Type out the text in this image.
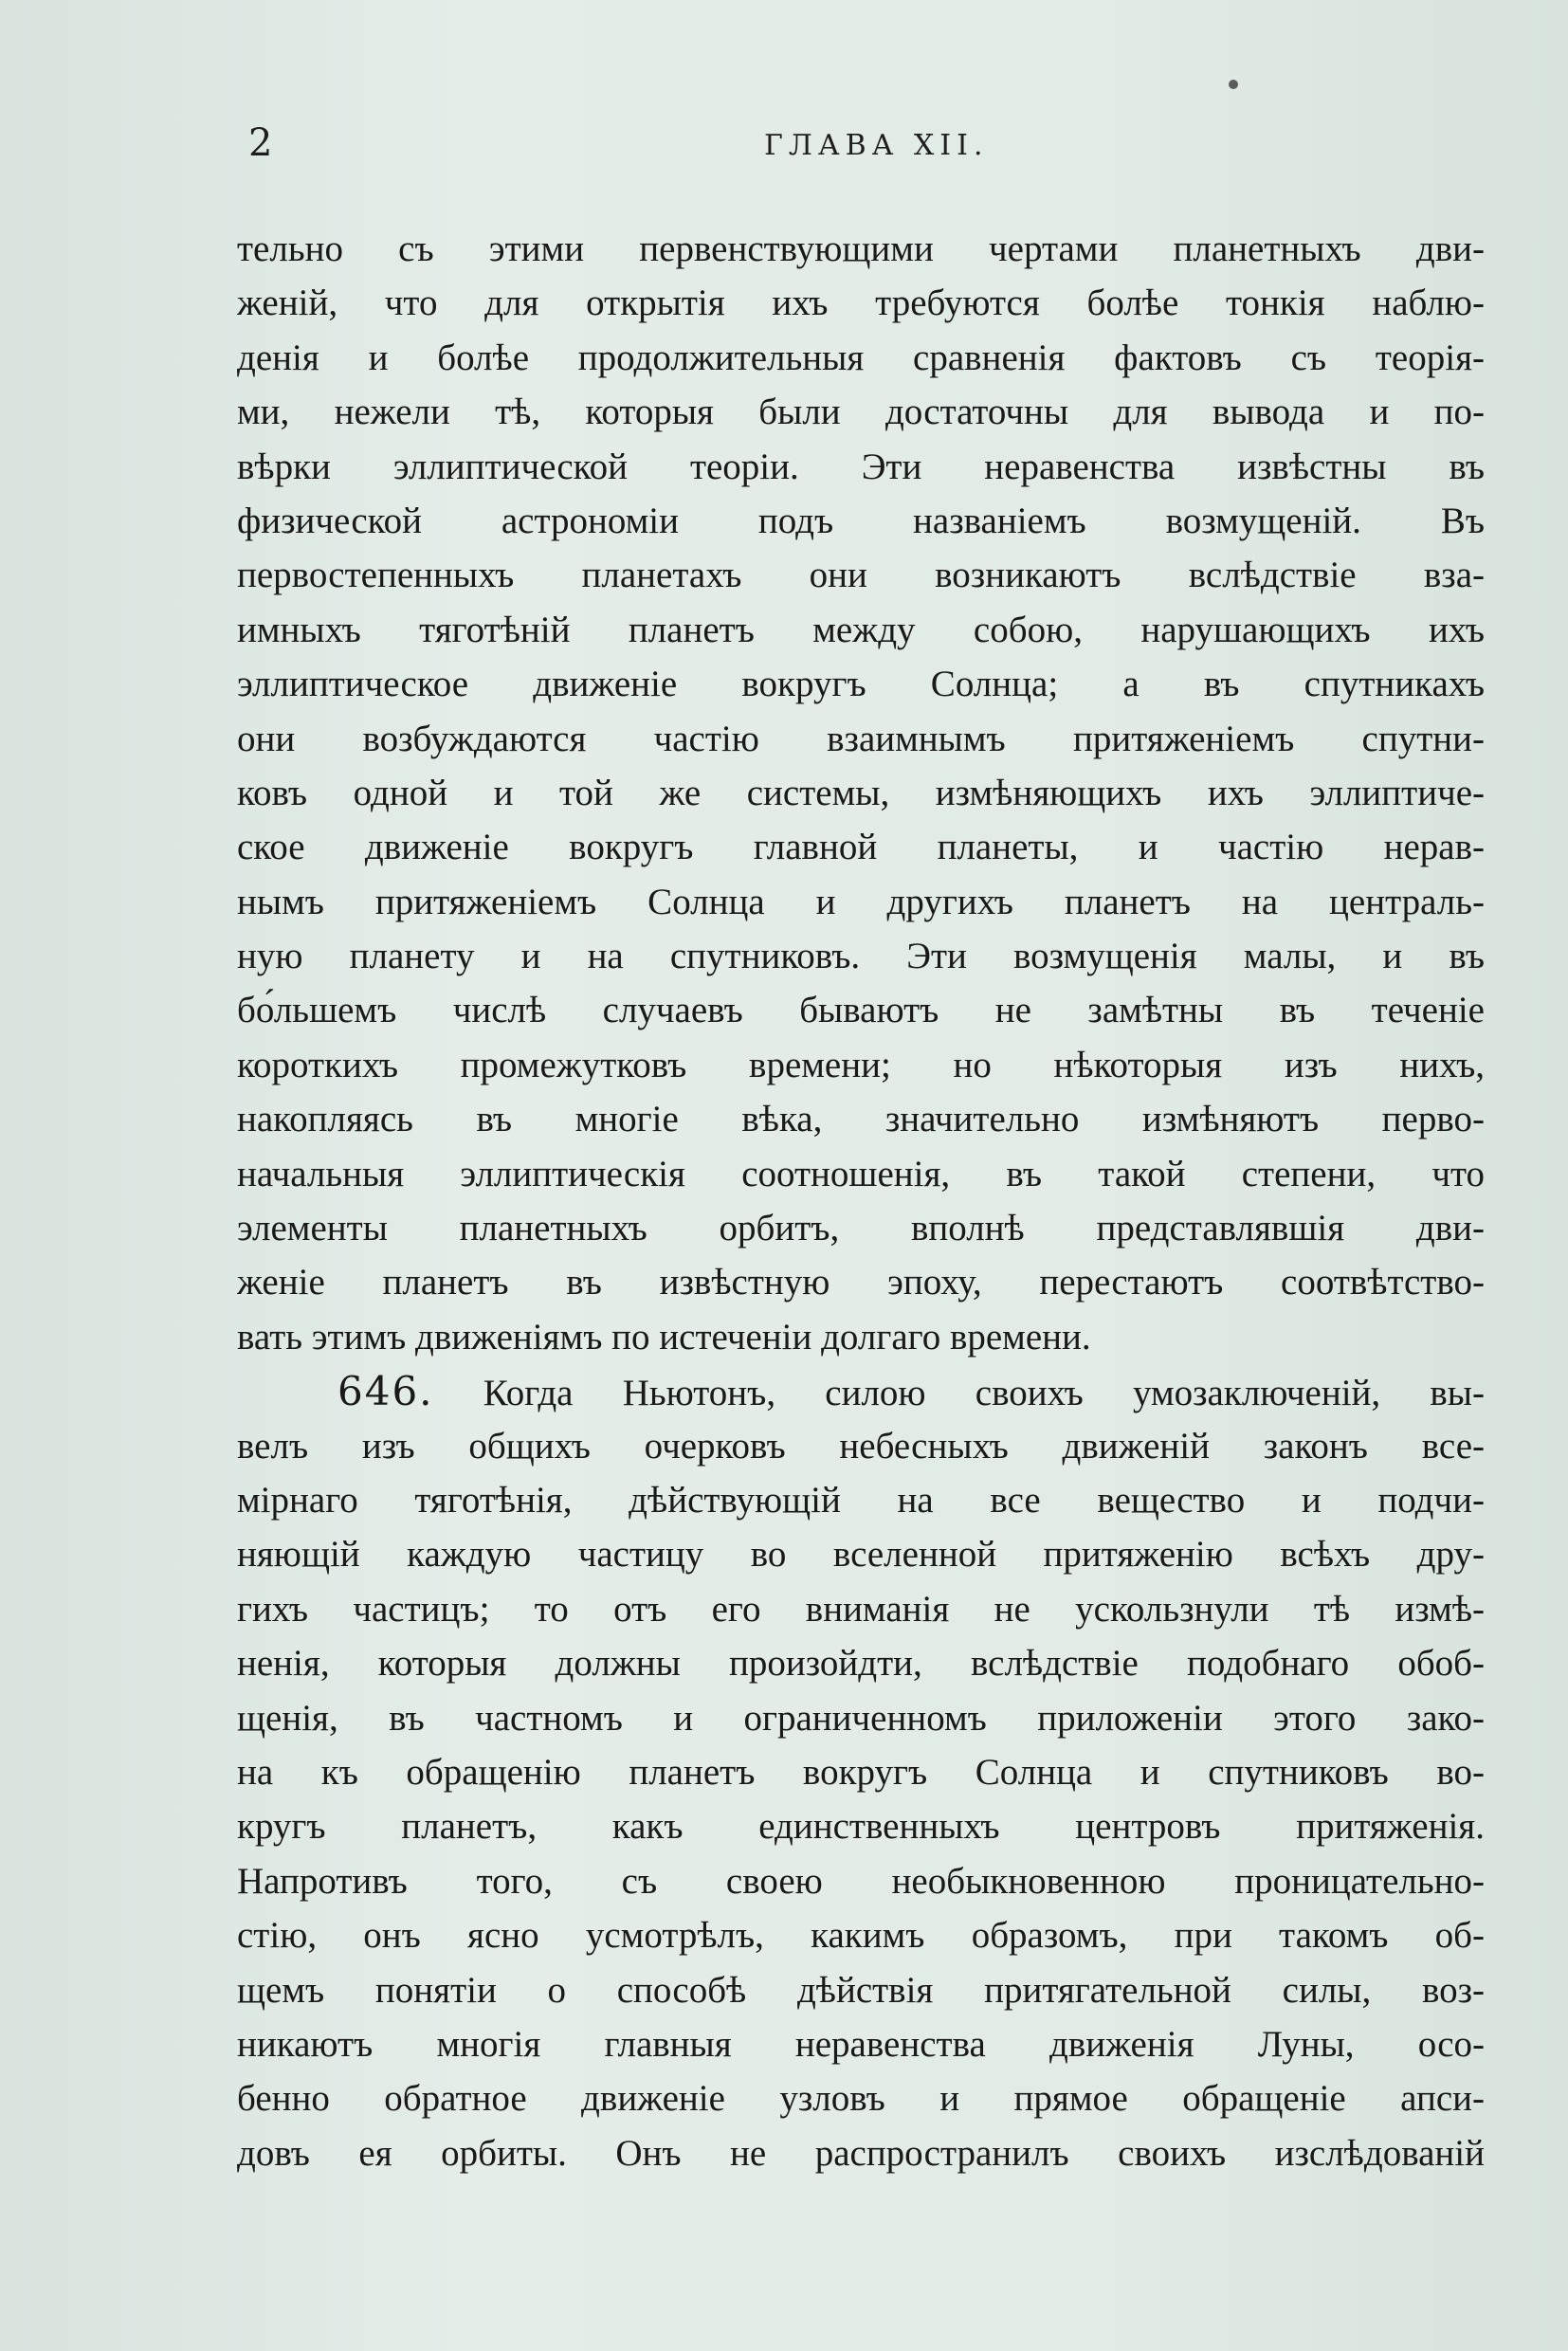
2	ГЛАВА XII.
тельно съ этими первенствующими чертами планетныхъ дви-
женій, что для открытія ихъ требуются болѣе тонкія наблю-
денія и болѣе продолжительныя сравненія фактовъ съ теорія-
ми, нежели тѣ, которыя были достаточны для вывода и по-
вѣрки эллиптической теоріи. Эти неравенства извѣстны въ
физической астрономіи подъ названіемъ возмущеній. Въ
первостепенныхъ планетахъ они возникаютъ вслѣдствіе вза-
имныхъ тяготѣній планетъ между собою, нарушающихъ ихъ
эллиптическое движеніе вокругъ Солнца; а въ спутникахъ
они возбуждаются частію взаимнымъ притяженіемъ спутни-
ковъ одной и той же системы, измѣняющихъ ихъ эллиптиче-
ское движеніе вокругъ главной планеты, и частію нерав-
нымъ притяженіемъ Солнца и другихъ планетъ на централь-
ную планету и на спутниковъ. Эти возмущенія малы, и въ
бо́льшемъ числѣ случаевъ бываютъ не замѣтны въ теченіе
короткихъ промежутковъ времени; но нѣкоторыя изъ нихъ,
накопляясь въ многіе вѣка, значительно измѣняютъ перво-
начальныя эллиптическія соотношенія, въ такой степени, что
элементы планетныхъ орбитъ, вполнѣ представлявшія дви-
женіе планетъ въ извѣстную эпоху, перестаютъ соотвѣтство-
вать этимъ движеніямъ по истеченіи долгаго времени.
646. Когда Ньютонъ, силою своихъ умозаключеній, вы-
велъ изъ общихъ очерковъ небесныхъ движеній законъ все-
мірнаго тяготѣнія, дѣйствующій на все вещество и подчи-
няющій каждую частицу во вселенной притяженію всѣхъ дру-
гихъ частицъ; то отъ его вниманія не ускользнули тѣ измѣ-
ненія, которыя должны произойдти, вслѣдствіе подобнаго обоб-
щенія, въ частномъ и ограниченномъ приложеніи этого зако-
на къ обращенію планетъ вокругъ Солнца и спутниковъ во-
кругъ планетъ, какъ единственныхъ центровъ притяженія.
Напротивъ того, съ своею необыкновенною проницательно-
стію, онъ ясно усмотрѣлъ, какимъ образомъ, при такомъ об-
щемъ понятіи о способѣ дѣйствія притягательной силы, воз-
никаютъ многія главныя неравенства движенія Луны, осо-
бенно обратное движеніе узловъ и прямое обращеніе апси-
довъ ея орбиты. Онъ не распространилъ своихъ изслѣдованій
